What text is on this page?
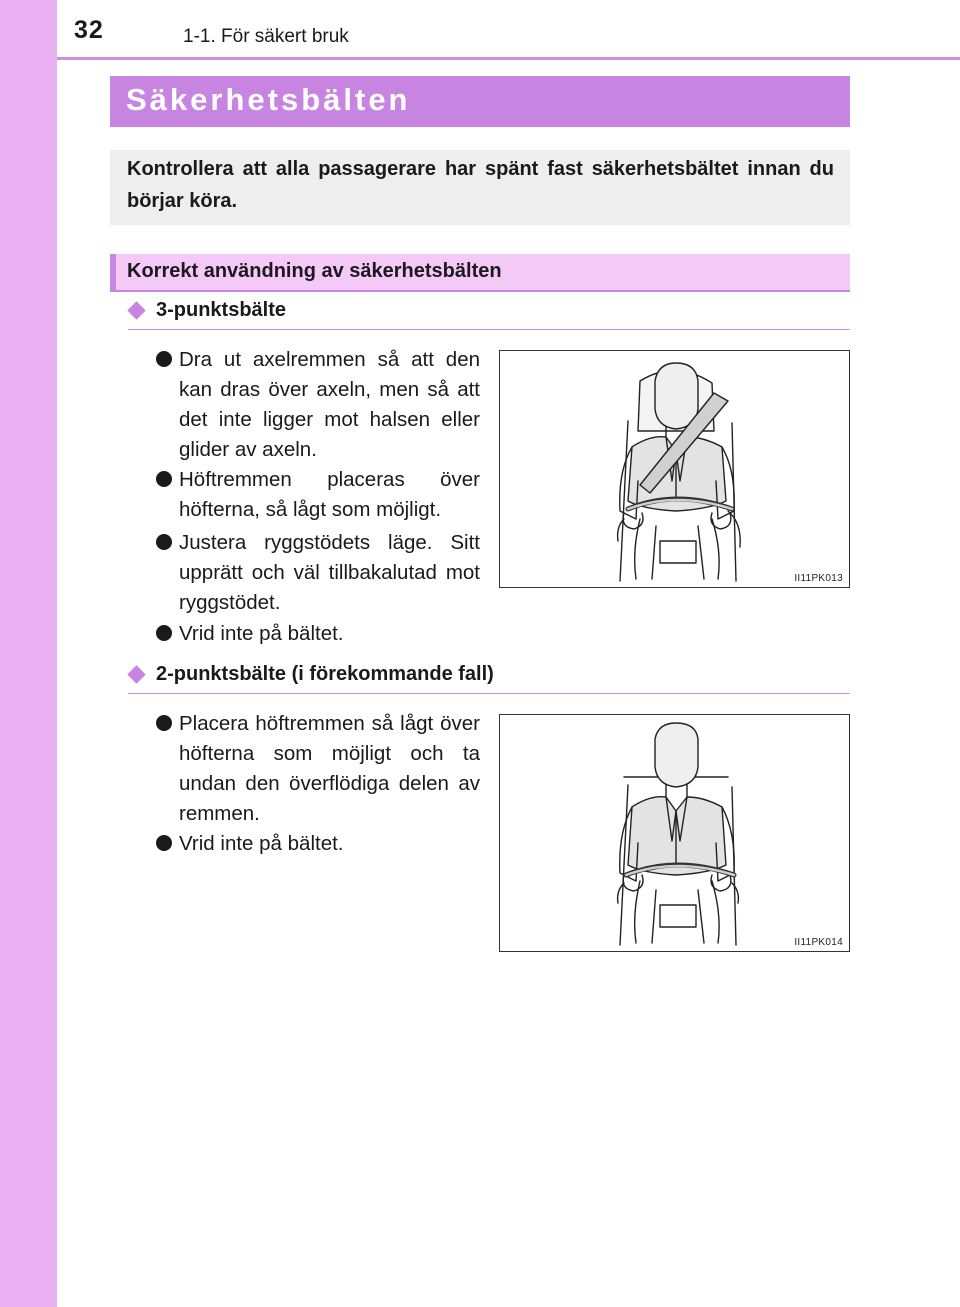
32	1-1. För säkert bruk
Säkerhetsbälten
Kontrollera att alla passagerare har spänt fast säkerhetsbältet innan du börjar köra.
Korrekt användning av säkerhetsbälten
3-punktsbälte
Dra ut axelremmen så att den kan dras över axeln, men så att det inte ligger mot halsen eller glider av axeln.
Höftremmen placeras över höfterna, så lågt som möjligt.
Justera ryggstödets läge. Sitt upprätt och väl tillbakalutad mot ryggstödet.
Vrid inte på bältet.
II11PK013
2-punktsbälte (i förekommande fall)
Placera höftremmen så lågt över höfterna som möjligt och ta undan den överflödiga delen av remmen.
Vrid inte på bältet.
II11PK014
